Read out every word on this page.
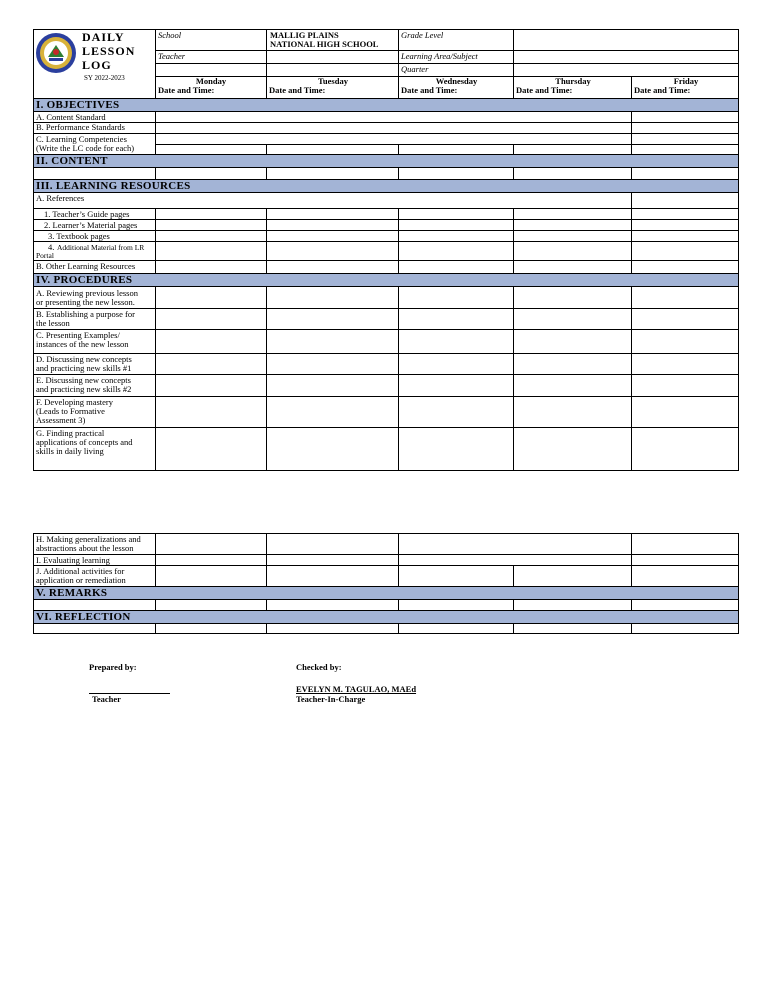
DAILY
LESSON
LOG
SY 2022-2023
School	MALLIG PLAINS
NATIONAL HIGH SCHOOL
Grade Level
Teacher	Learning Area/Subject
Quarter
Monday
Date and Time:
Tuesday
Date and Time:
Wednesday
Date and Time:
Thursday
Date and Time:
Friday
Date and Time:
I. OBJECTIVES
A. Content Standard
B. Performance Standards
C. Learning Competencies
(Write the LC code for each)
II. CONTENT
III. LEARNING RESOURCES
A. References
1. Teacher’s Guide pages
2. Learner’s Material pages
3. Textbook pages
4. Additional Material from LR
Portal
B. Other Learning Resources
IV. PROCEDURES
A. Reviewing previous lesson
or presenting the new lesson.
B. Establishing a purpose for
the lesson
C. Presenting Examples/
instances of the new lesson
D. Discussing new concepts
and practicing new skills #1
E. Discussing new concepts
and practicing new skills #2
F. Developing mastery
(Leads to Formative
Assessment 3)
G. Finding practical
applications of concepts and
skills in daily living
H. Making generalizations and
abstractions about the lesson
I. Evaluating learning
J. Additional activities for
application or remediation
V. REMARKS
VI. REFLECTION
Prepared by:
Teacher
Checked by:
EVELYN M. TAGULAO, MAEd
Teacher-In-Charge
